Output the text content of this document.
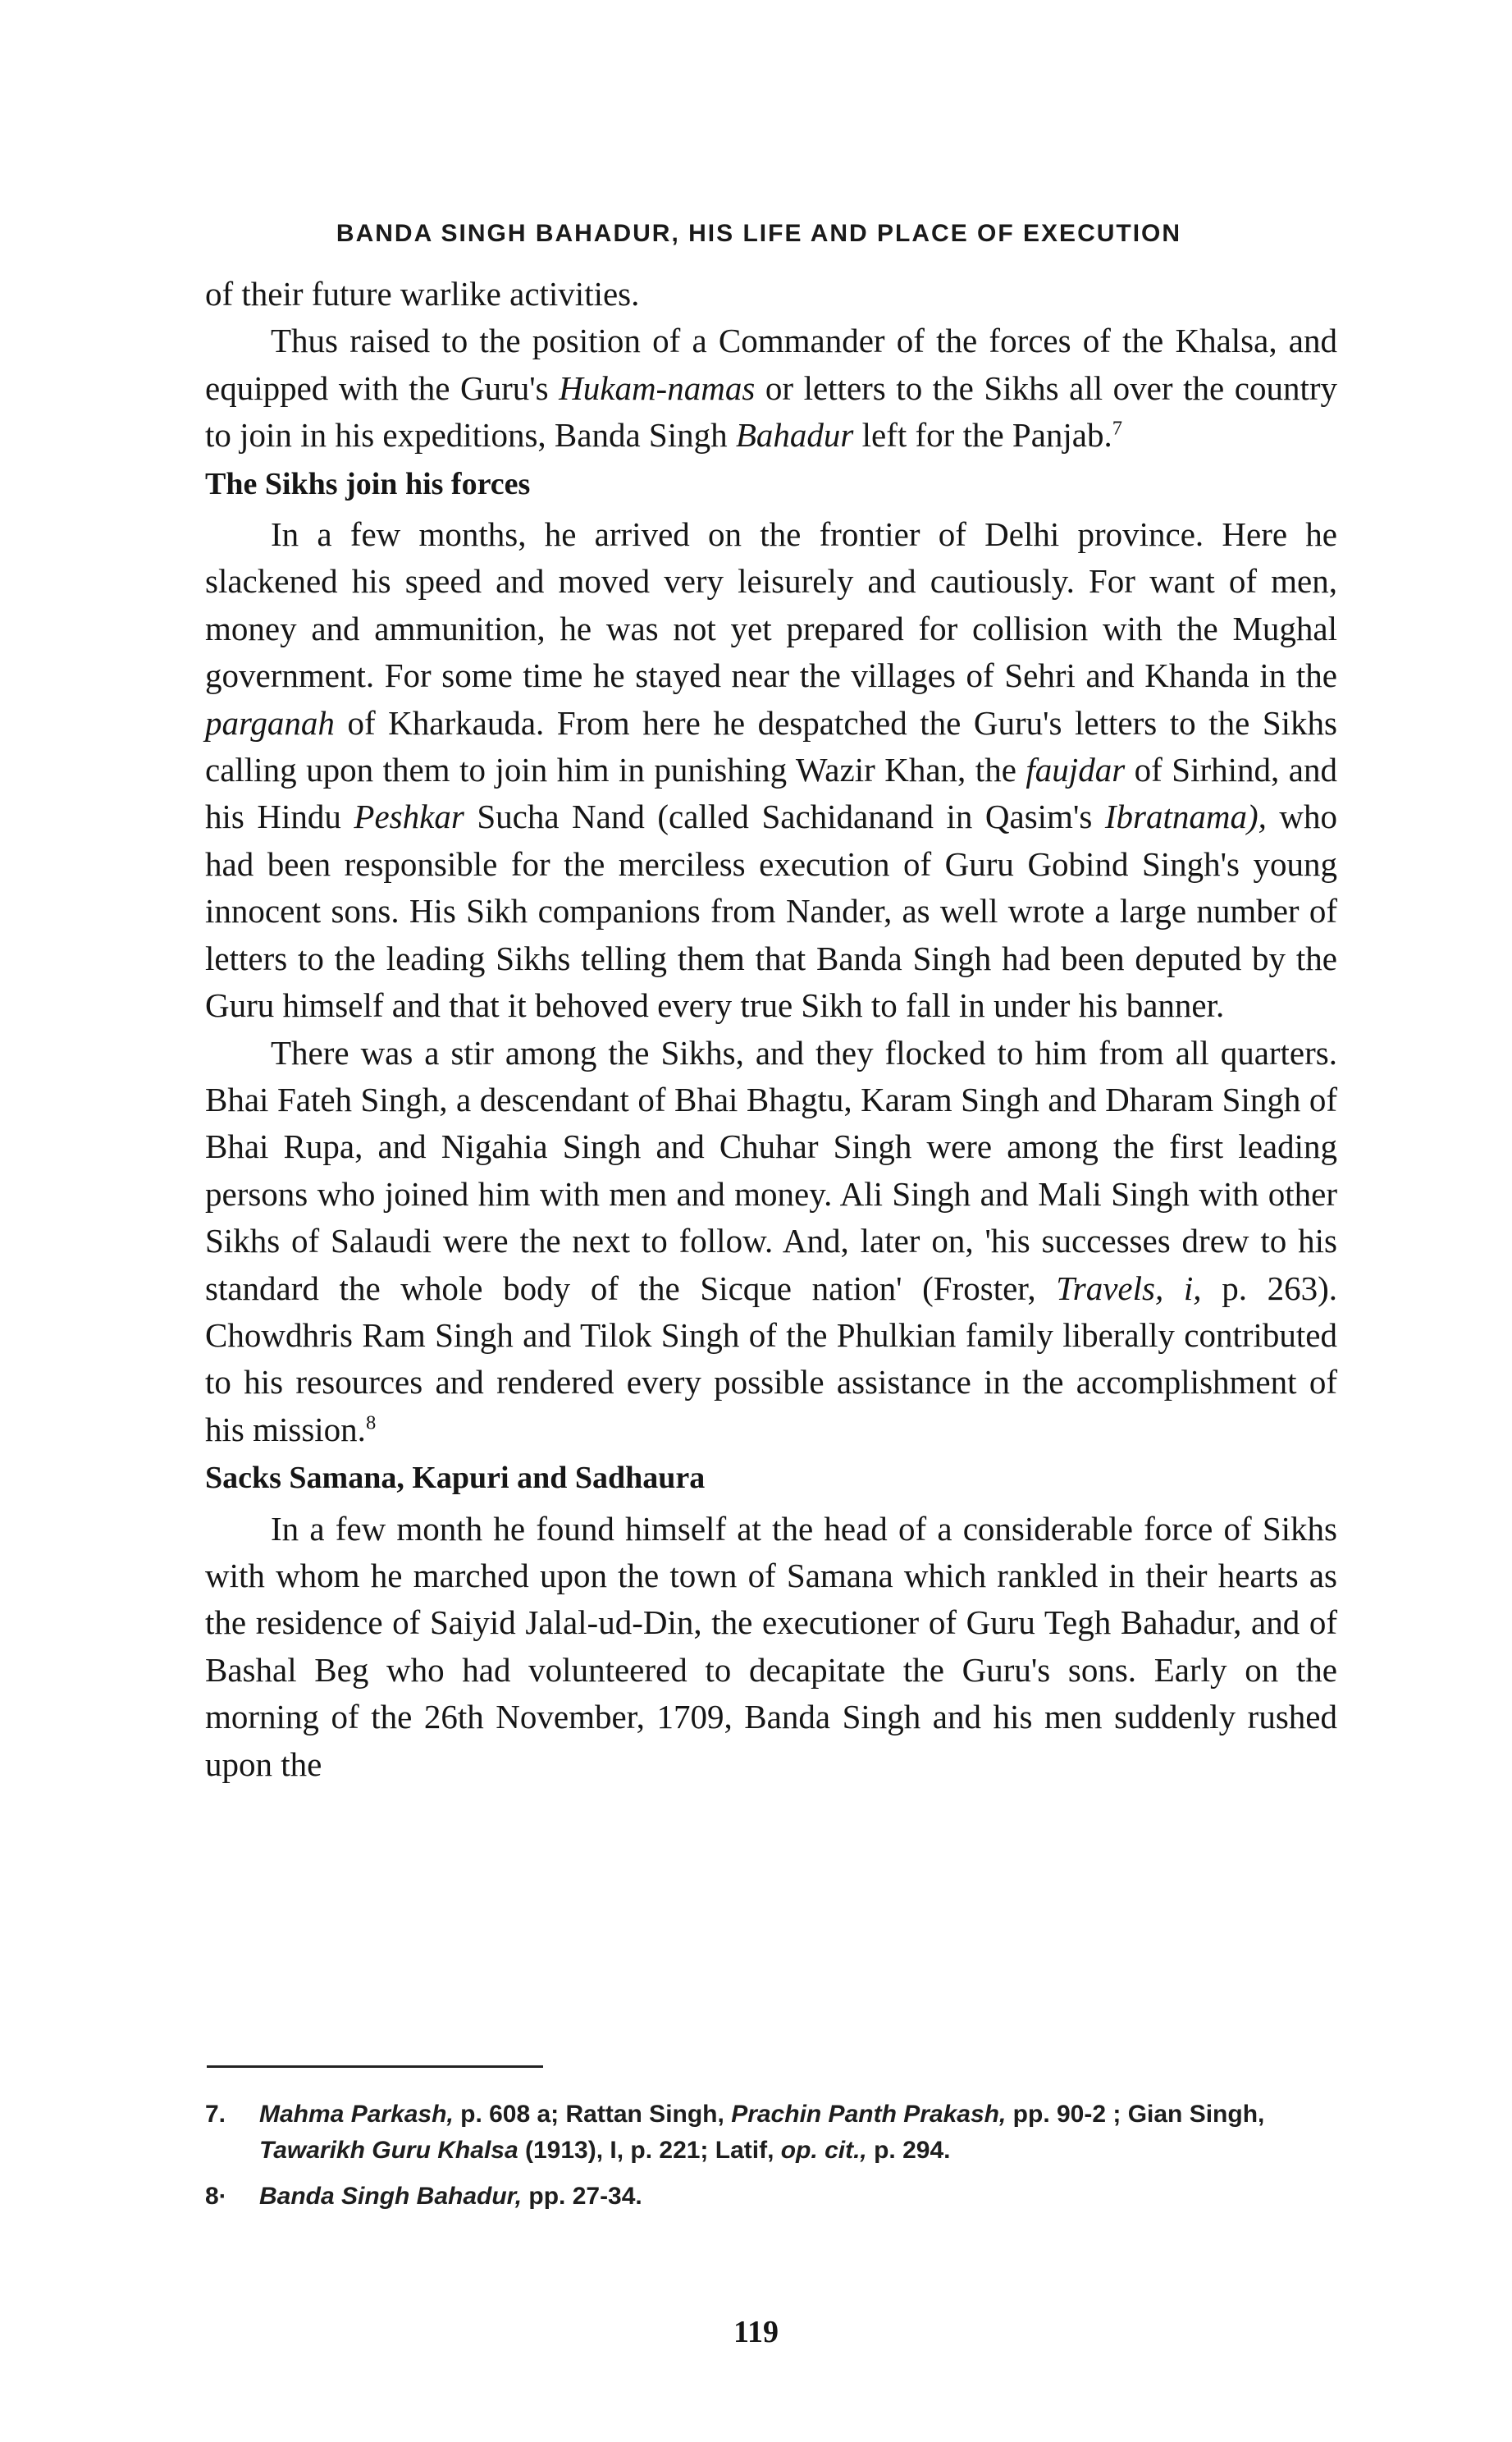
BANDA SINGH BAHADUR, HIS LIFE AND PLACE OF EXECUTION

of their future warlike activities.

Thus raised to the position of a Commander of the forces of the Khalsa, and equipped with the Guru's Hukam-namas or letters to the Sikhs all over the country to join in his expeditions, Banda Singh Bahadur left for the Panjab.$^7$

The Sikhs join his forces

In a few months, he arrived on the frontier of Delhi province. Here he slackened his speed and moved very leisurely and cautiously. For want of men, money and ammunition, he was not yet prepared for collision with the Mughal government. For some time he stayed near the villages of Sehri and Khanda in the parganah of Kharkauda. From here he despatched the Guru's letters to the Sikhs calling upon them to join him in punishing Wazir Khan, the faujdar of Sirhind, and his Hindu Peshkar Sucha Nand (called Sachidanand in Qasim's Ibratnama), who had been responsible for the merciless execution of Guru Gobind Singh's young innocent sons. His Sikh companions from Nander, as well wrote a large number of letters to the leading Sikhs telling them that Banda Singh had been deputed by the Guru himself and that it behoved every true Sikh to fall in under his banner.

There was a stir among the Sikhs, and they flocked to him from all quarters. Bhai Fateh Singh, a descendant of Bhai Bhagtu, Karam Singh and Dharam Singh of Bhai Rupa, and Nigahia Singh and Chuhar Singh were among the first leading persons who joined him with men and money. Ali Singh and Mali Singh with other Sikhs of Salaudi were the next to follow. And, later on, 'his successes drew to his standard the whole body of the Sicque nation' (Froster, Travels, i, p. 263). Chowdhris Ram Singh and Tilok Singh of the Phulkian family liberally contributed to his resources and rendered every possible assistance in the accomplishment of his mission.$^8$

Sacks Samana, Kapuri and Sadhaura

In a few month he found himself at the head of a considerable force of Sikhs with whom he marched upon the town of Samana which rankled in their hearts as the residence of Saiyid Jalal-ud-Din, the executioner of Guru Tegh Bahadur, and of Bashal Beg who had volunteered to decapitate the Guru's sons. Early on the morning of the 26th November, 1709, Banda Singh and his men suddenly rushed upon the

7.	Mahma Parkash, p. 608 a; Rattan Singh, Prachin Panth Prakash, pp. 90-2 ; Gian Singh, Tawarikh Guru Khalsa (1913), I, p. 221; Latif, op. cit., p. 294.
8·	Banda Singh Bahadur, pp. 27-34.
119
